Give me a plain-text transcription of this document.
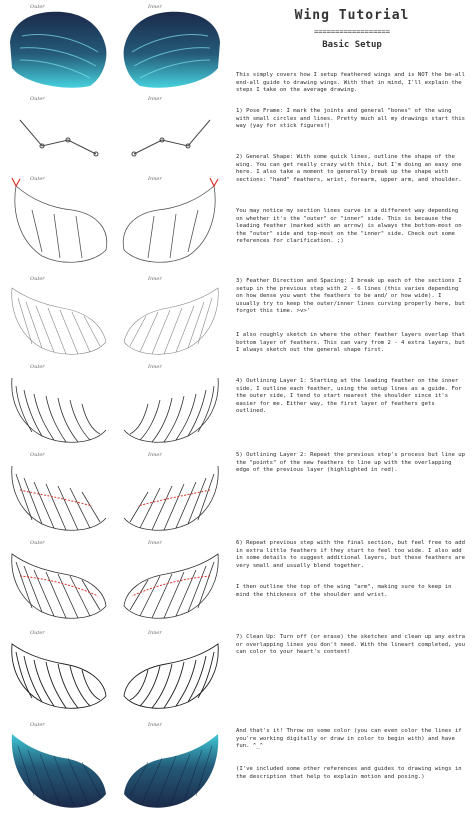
Outer	Inner
Outer	Inner
Outer	Inner
Outer	Inner
Outer	Inner
Outer	Inner
Outer	Inner
Outer	Inner
Outer	Inner
Wing Tutorial
==================
Basic Setup
This simply covers how I setup feathered wings and is NOT the be-all end-all guide to drawing wings. With that in mind, I'll explain the steps I take on the average drawing.
1) Pose Frame: I mark the joints and general "bones" of the wing with small circles and lines. Pretty much all my drawings start this way (yay for stick figures!)
2) General Shape: With some quick lines, outline the shape of the wing. You can get really crazy with this, but I'm doing an easy one here. I also take a moment to generally break up the shape with sections: "hand" feathers, wrist, forearm, upper arm, and shoulder.
You may notice my section lines curve in a different way depending on whether it's the "outer" or "inner" side. This is because the leading feather (marked with an arrow) is always the bottom-most on the "outer" side and top-most on the "inner" side. Check out some references for clarification. ;)
3) Feather Direction and Spacing: I break up each of the sections I setup in the previous step with 2 - 6 lines (this varies depending on how dense you want the feathers to be and/ or how wide). I usually try to keep the outer/inner lines curving properly here, but forgot this time. >v>'
I also roughly sketch in where the other feather layers overlap that bottom layer of feathers. This can vary from 2 - 4 extra layers, but I always sketch out the general shape first.
4) Outlining Layer 1: Starting at the leading feather on the inner side, I outline each feather, using the setup lines as a guide. For the outer side, I tend to start nearest the shoulder since it's easier for me. Either way, the first layer of feathers gets outlined.
5) Outlining Layer 2: Repeat the previous step's process but line up the "points" of the new feathers to line up with the overlapping edge of the previous layer (highlighted in red).
6) Repeat previous step with the final section, but feel free to add in extra little feathers if they start to feel too wide. I also add in some details to suggest additional layers, but these feathers are very small and usually blend together.
I then outline the top of the wing "arm", making sure to keep in mind the thickness of the shoulder and wrist.
7) Clean Up: Turn off (or erase) the sketches and clean up any extra or overlapping lines you don't need. With the lineart completed, you can color to your heart's content!
And that's it! Throw on some color (you can even color the lines if you're working digitally or draw in color to begin with) and have fun. ^_^
(I've included some other references and guides to drawing wings in the description that help to explain motion and posing.)
